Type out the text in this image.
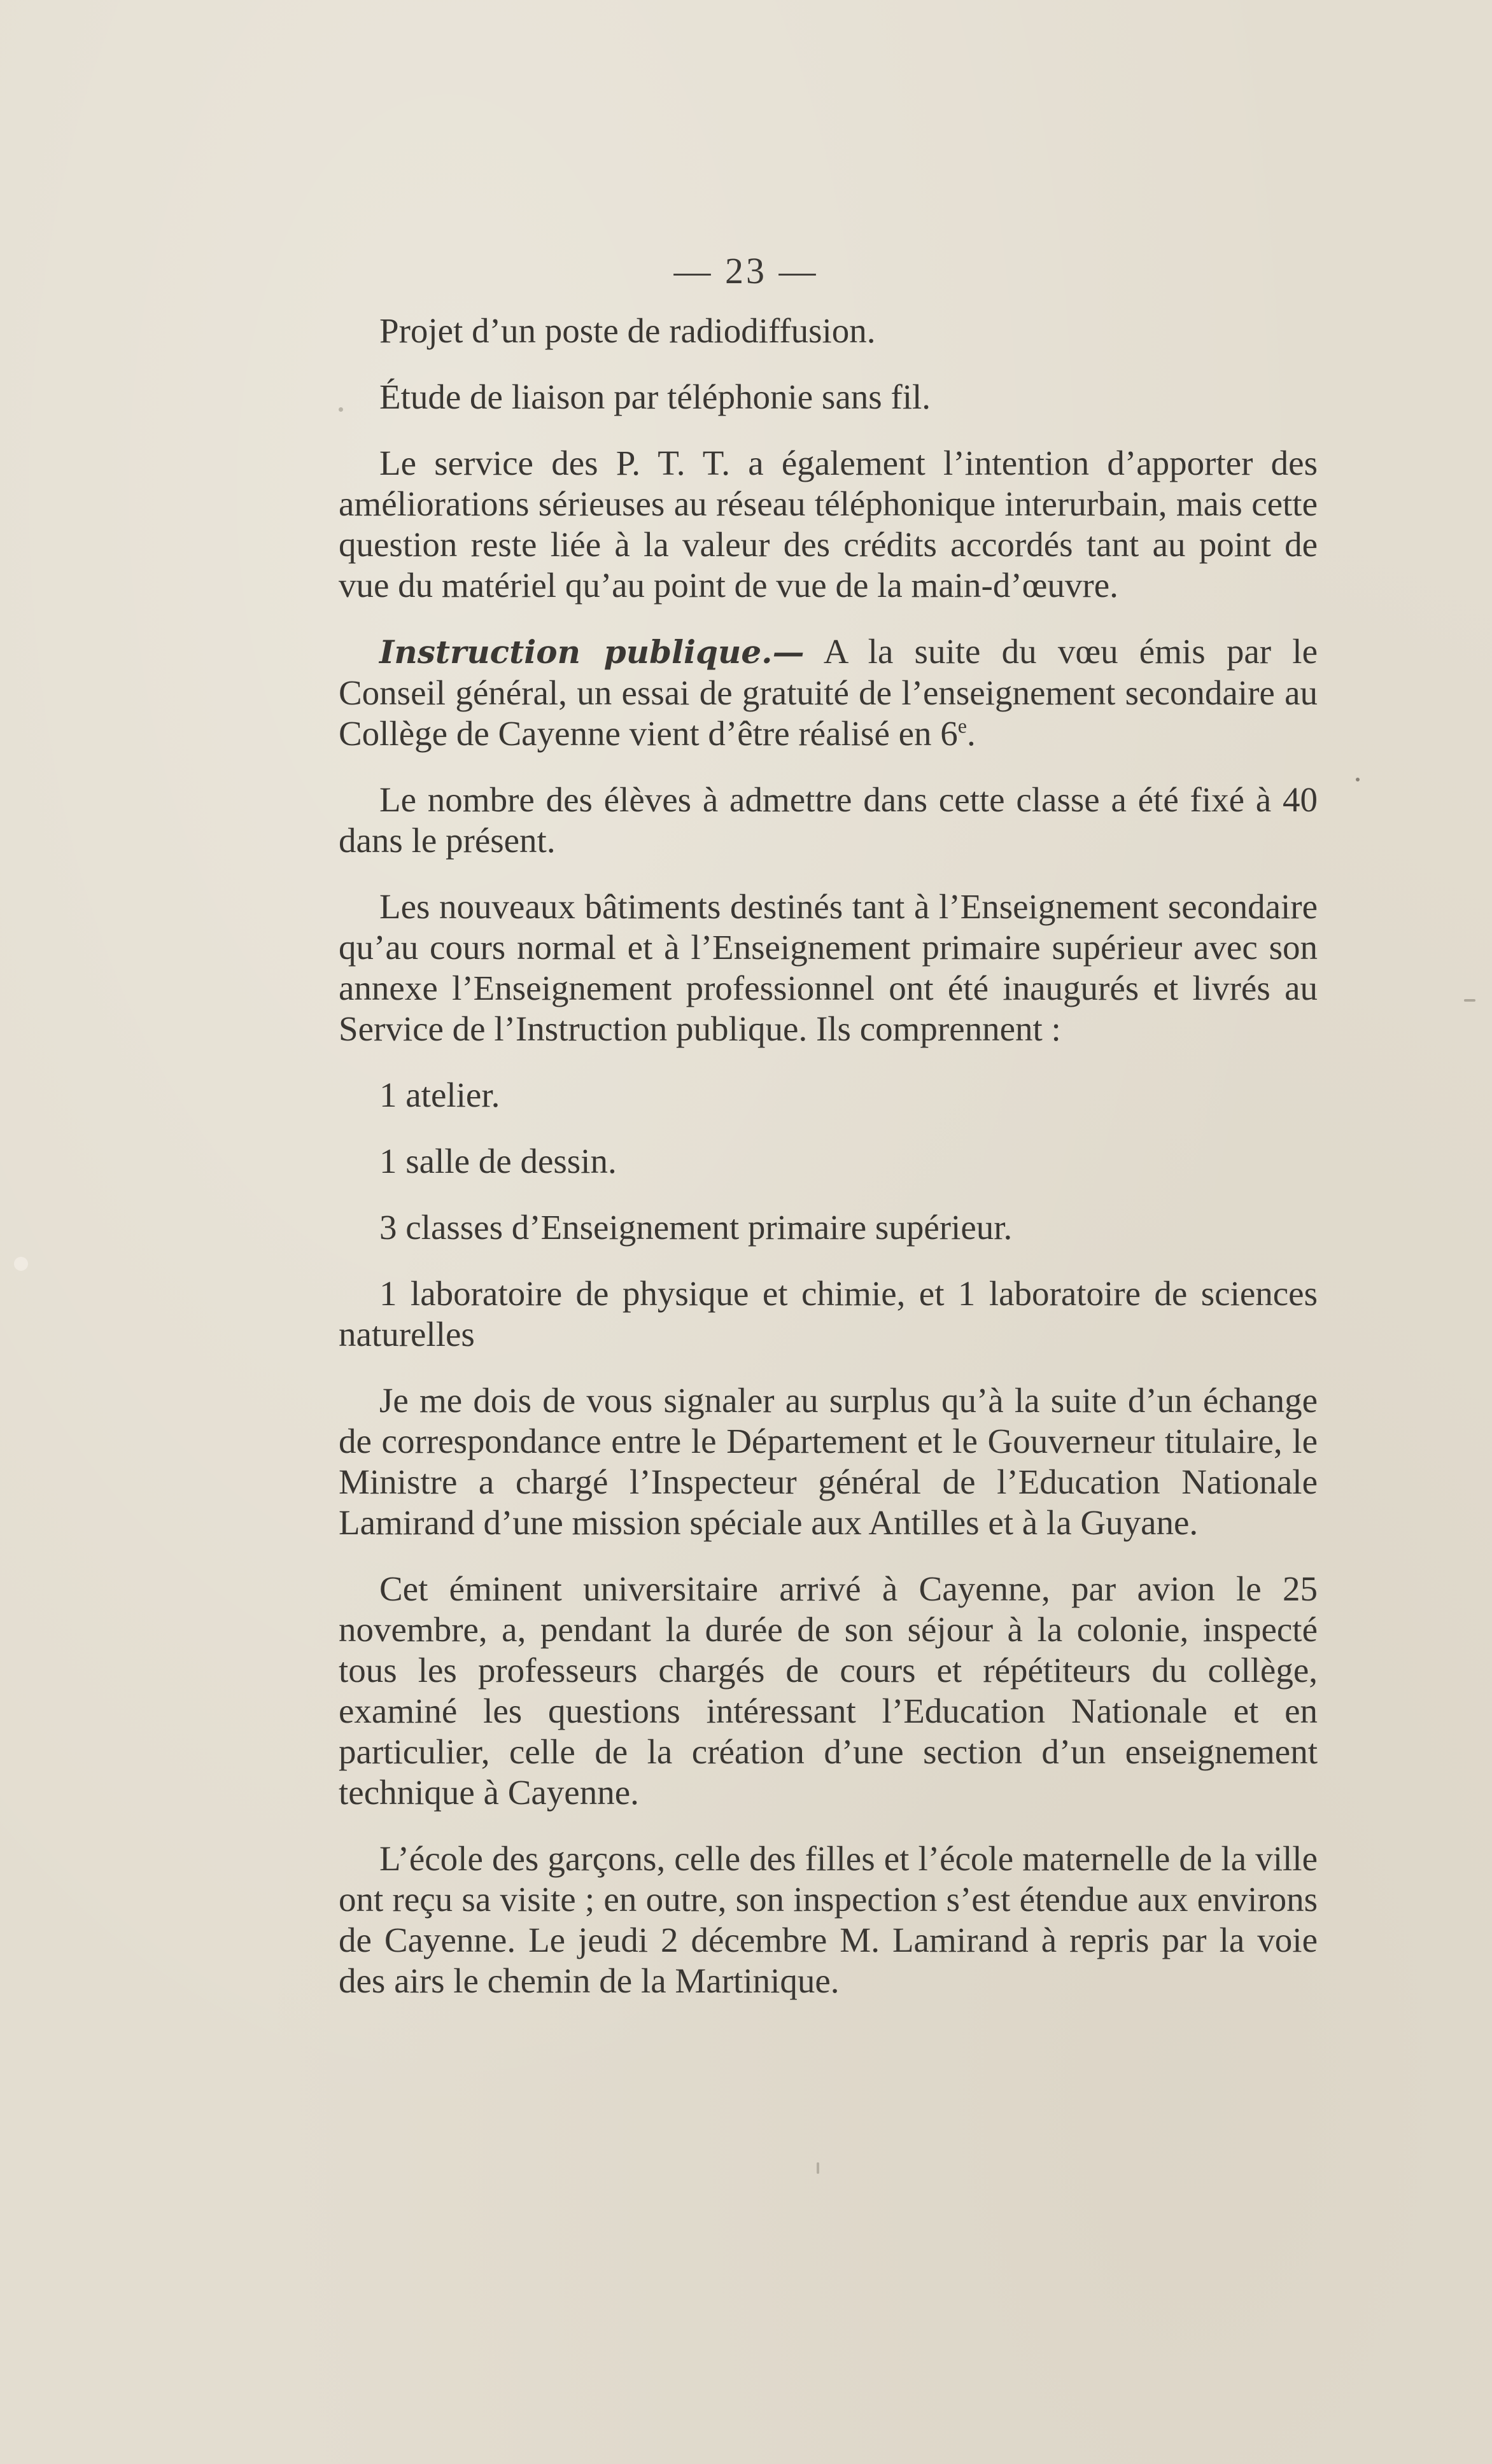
— 23 —

Projet d’un poste de radiodiffusion.

Étude de liaison par téléphonie sans fil.

Le service des P. T. T. a également l’intention d’apporter des améliorations sérieuses au réseau téléphonique interurbain, mais cette question reste liée à la valeur des crédits accordés tant au point de vue du matériel qu’au point de vue de la main-d’œuvre.

Instruction publique.— A la suite du vœu émis par le Conseil général, un essai de gratuité de l’enseignement secondaire au Collège de Cayenne vient d’être réalisé en 6e.

Le nombre des élèves à admettre dans cette classe a été fixé à 40 dans le présent.

Les nouveaux bâtiments destinés tant à l’Enseignement secondaire qu’au cours normal et à l’Enseignement primaire supérieur avec son annexe l’Enseignement professionnel ont été inaugurés et livrés au Service de l’Instruction publique. Ils comprennent :

1 atelier.

1 salle de dessin.

3 classes d’Enseignement primaire supérieur.

1 laboratoire de physique et chimie, et 1 laboratoire de sciences naturelles

Je me dois de vous signaler au surplus qu’à la suite d’un échange de correspondance entre le Département et le Gouverneur titulaire, le Ministre a chargé l’Inspecteur général de l’Education Nationale Lamirand d’une mission spéciale aux Antilles et à la Guyane.

Cet éminent universitaire arrivé à Cayenne, par avion le 25 novembre, a, pendant la durée de son séjour à la colonie, inspecté tous les professeurs chargés de cours et répétiteurs du collège, examiné les questions intéressant l’Education Nationale et en particulier, celle de la création d’une section d’un enseignement technique à Cayenne.

L’école des garçons, celle des filles et l’école maternelle de la ville ont reçu sa visite ; en outre, son inspection s’est étendue aux environs de Cayenne. Le jeudi 2 décembre M. Lamirand à repris par la voie des airs le chemin de la Martinique.
